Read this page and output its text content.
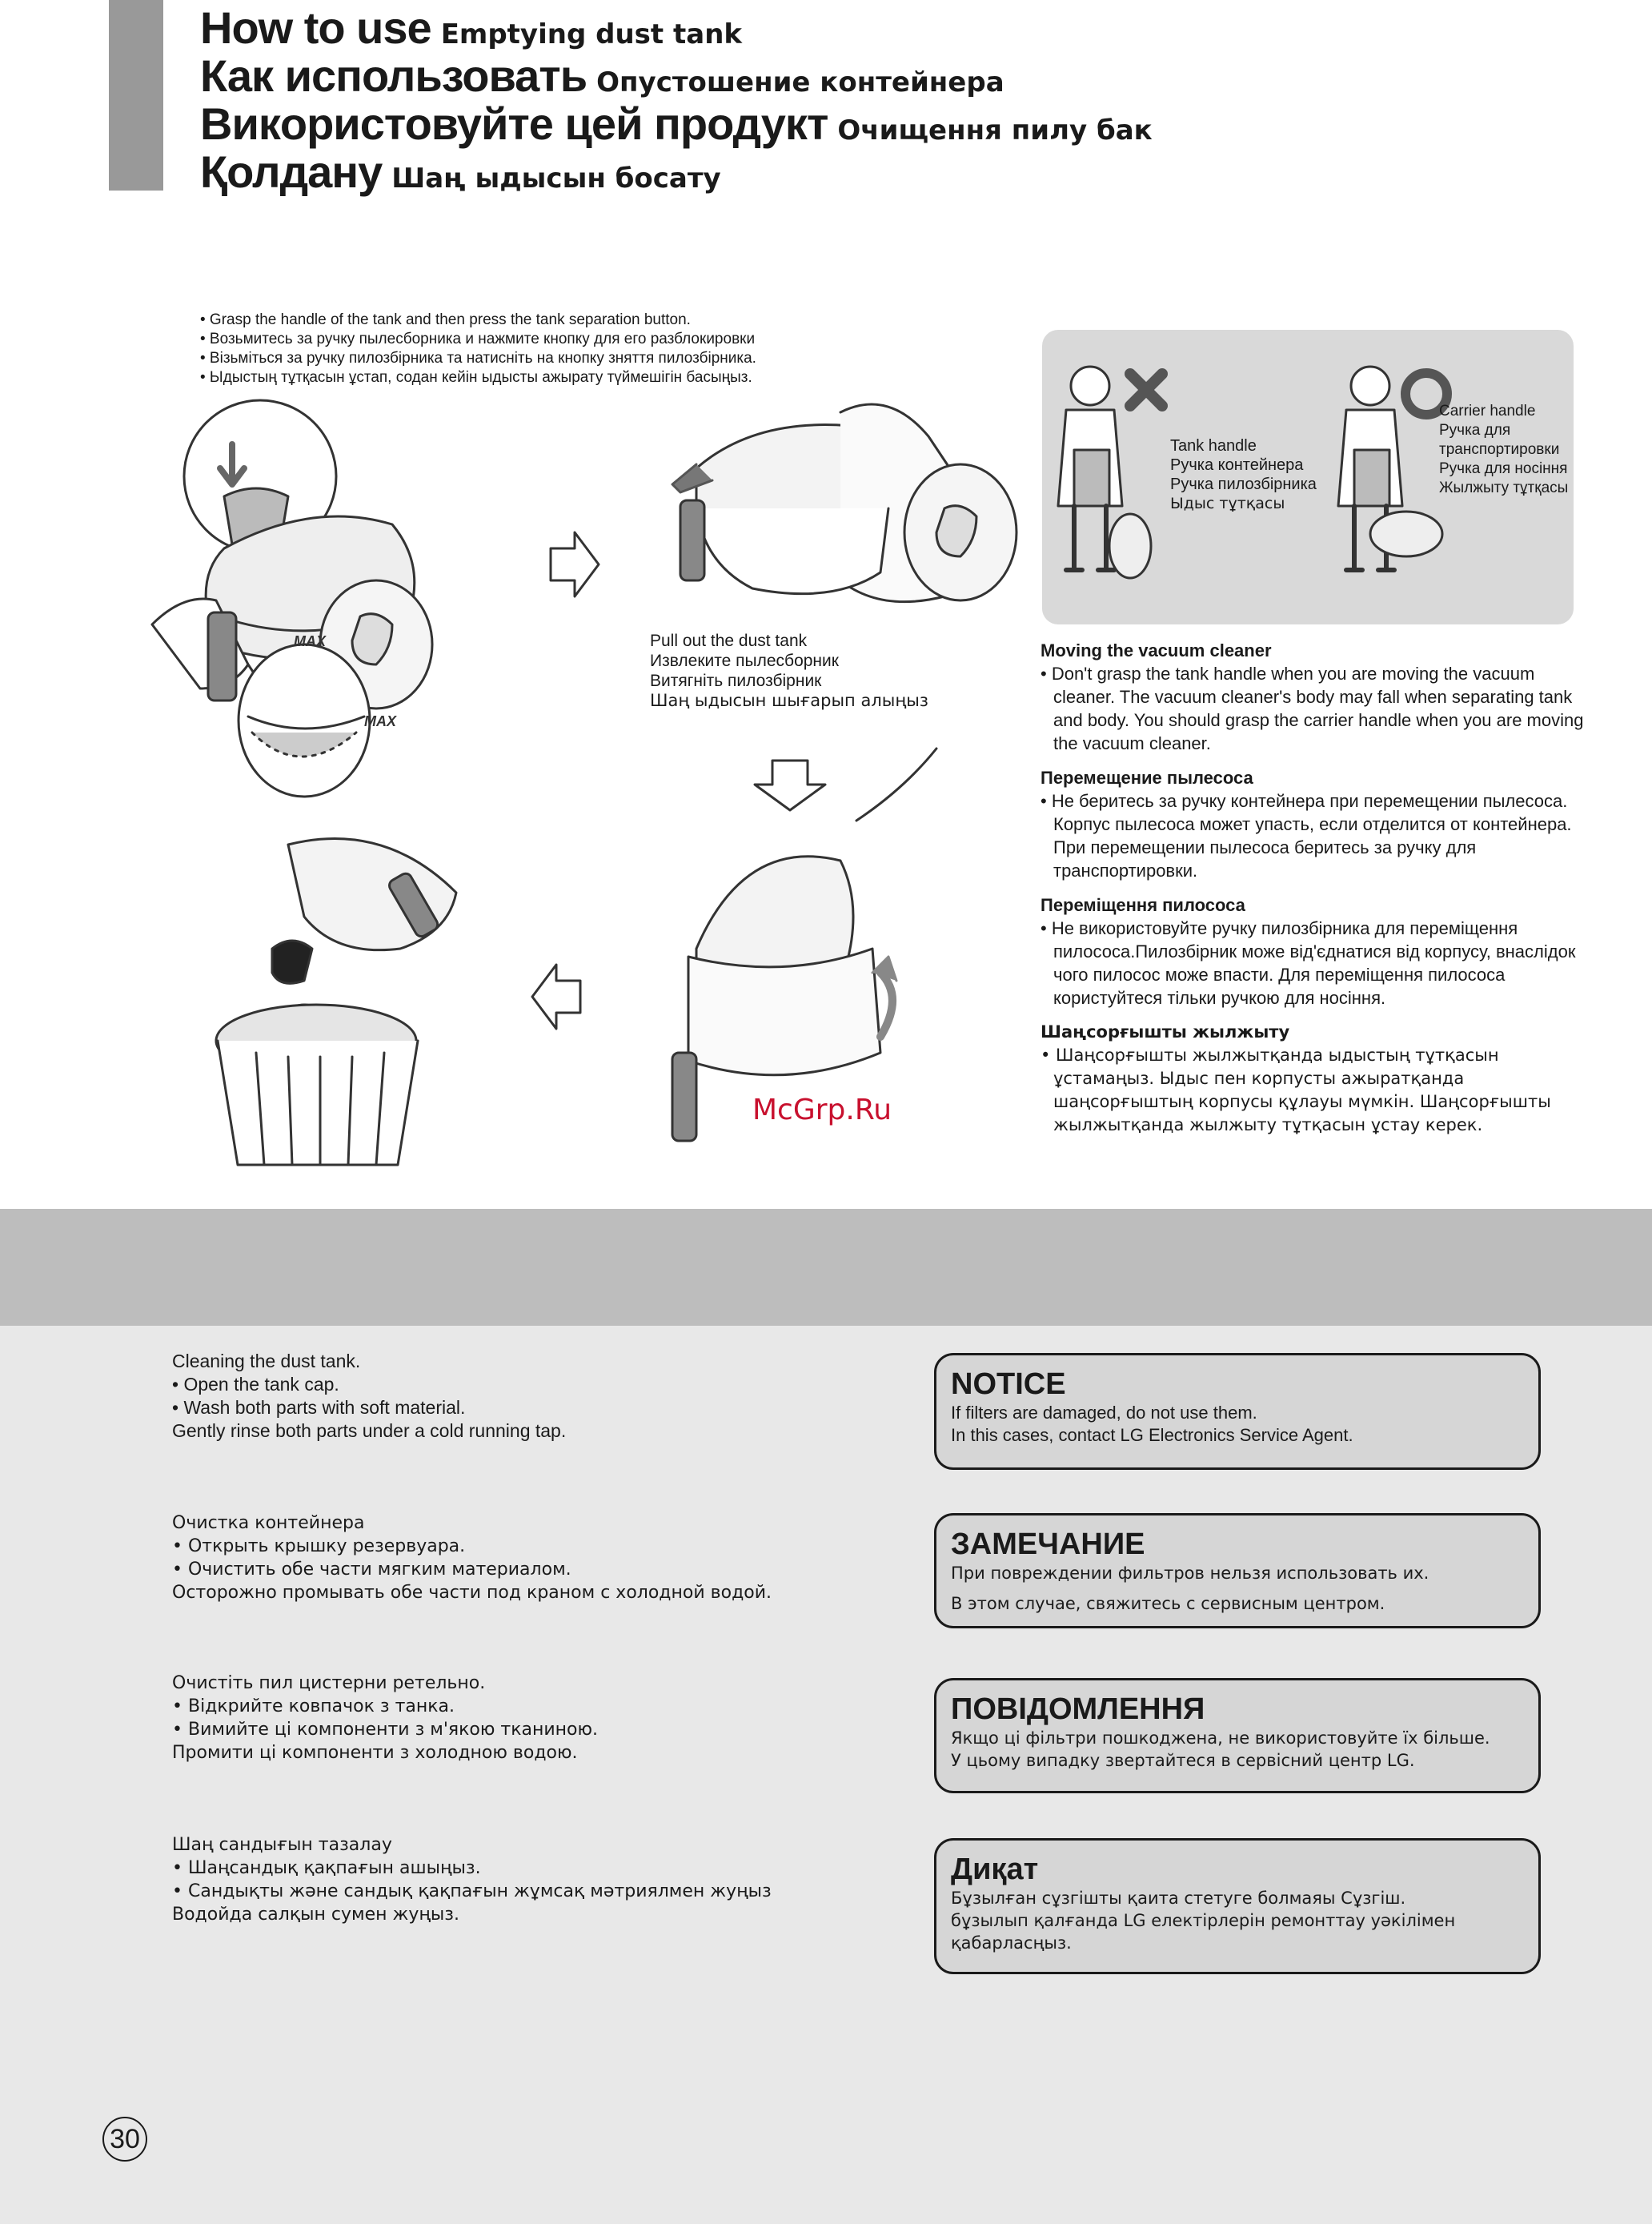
How to use Emptying dust tank
Как использовать Опустошение контейнера
Викoристовуйте цей продукт Очищення пилу бак
Қолдану Шаң ыдысын босату
• Grasp the handle of the tank and then press the tank separation button.
• Возьмитесь за ручку пылесборника и нажмите кнопку для его разблокировки
• Візьміться за ручку пилозбірника та натисніть на кнопку зняття пилозбірника.
• Ыдыстың тұтқасын ұстап, содан кейін ыдысты ажырату түймешігін басыңыз.
MAX
MAX
Pull out the dust tank
Извлеките пылесборник
Витягніть пилозбірник
Шаң ыдысын шығарып алыңыз
Tank handle
Ручка контейнера
Ручка пилозбірника
Ыдыс тұтқасы
Carrier handle
Ручка для
транспортировки
Ручка для носіння
Жылжыту тұтқасы
Moving the vacuum cleaner
• Don't grasp the tank handle when you are moving the vacuum cleaner. The vacuum cleaner's body may fall when separating tank and body. You should grasp the carrier handle when you are moving the vacuum cleaner.
Перемещение пылесоса
• Не беритесь за ручку контейнера при перемещении пылесоса. Корпус пылесоса может упасть, если отделится от контейнера. При перемещении пылесоса беритесь за ручку для транспортировки.
Переміщення пилососа
• Не використовуйте ручку пилозбірника для переміщення пилососа.Пилозбірник може від'єднатися від корпусу, внаслідок чого пилосос може впасти. Для переміщення пилососа користуйтеся тільки ручкою для носіння.
Шаңсорғышты жылжыту
• Шаңсорғышты жылжытқанда ыдыстың тұтқасын ұстамаңыз. Ыдыс пен корпусты ажыратқанда шаңсорғыштың корпусы құлауы мүмкін. Шаңсорғышты жылжытқанда жылжыту тұтқасын ұстау керек.
McGrp.Ru
Cleaning the dust tank.
• Open the tank cap.
• Wash both parts with soft material.
Gently rinse both parts under a cold running tap.
Очистка контейнера
• Открыть крышку резервуара.
• Очистить обе части мягким материалом.
Осторожно промывать обе части под краном с холодной водой.
Очистіть пил цистерни ретельно.
• Відкрийте ковпачок з танка.
• Вимийте ці компоненти з м'якою тканиною.
Промити ці компоненти з холодною водою.
Шаң сандығын тазалау
• Шаңсандық қақпағын ашыңыз.
• Сандықты және сандық қақпағын жұмсақ мәтриялмен жуңыз
Водойда салқын сумен жуңыз.
NOTICE
If filters are damaged, do not use them.
In this cases, contact LG Electronics Service Agent.
ЗАМЕЧАНИЕ
При повреждении фильтров нельзя использовать их.
В этом случае, свяжитесь с сервисным центром.
ПОВІДОМЛЕННЯ
Якщо ці фільтри пошкоджена, не використовуйте їх більше.
У цьому випадку звертайтеся в сервісний центр LG.
Диқат
Бұзылған сұзгішты қаита стетуге болмаяы Сұзгіш.
бұзылып қалғанда LG електірлерін ремонттау уәкілімен
қабарласңыз.
30
